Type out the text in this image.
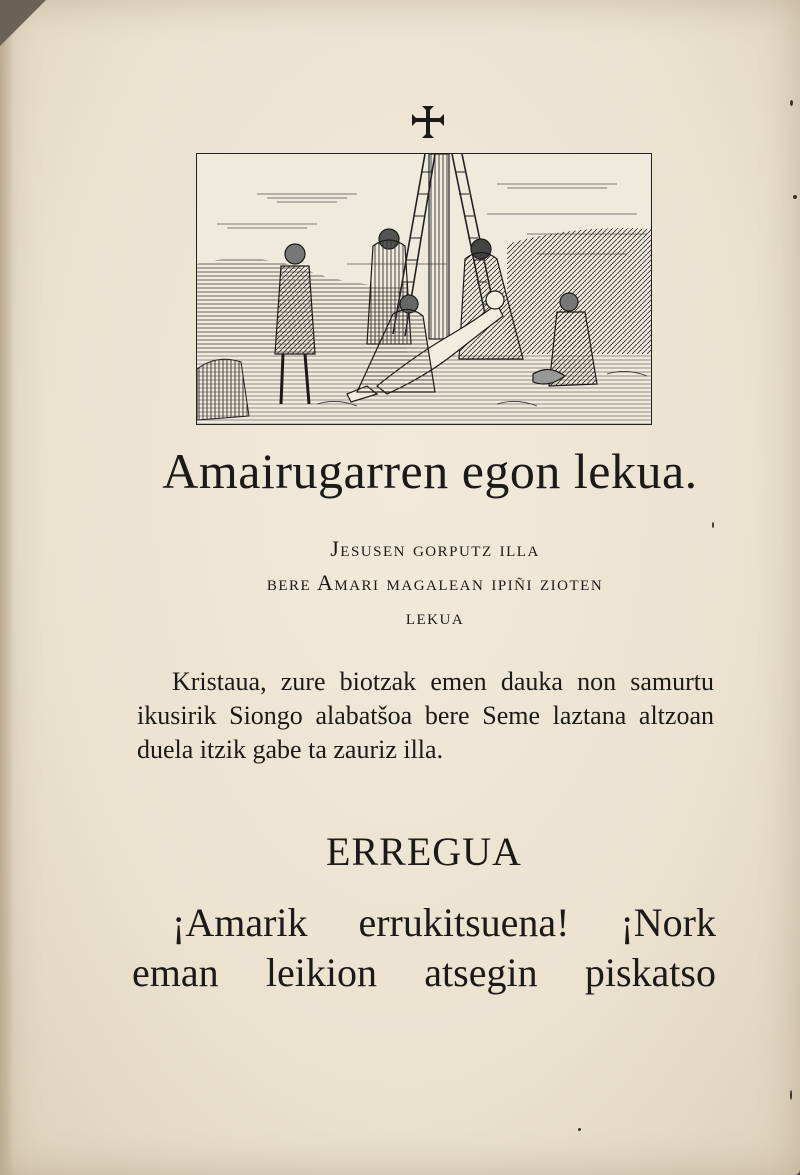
Amairugarren egon lekua.
Jesusen gorputz illa
bere Amari magalean ipiñi zioten
lekua
Kristaua, zure biotzak emen dauka non samurtu ikusirik Siongo alabatšoa bere Seme laztana altzoan duela itzik gabe ta zauriz illa.
ERREGUA
¡Amarik errukitsuena! ¡Nork eman leikion atsegin piskatso
